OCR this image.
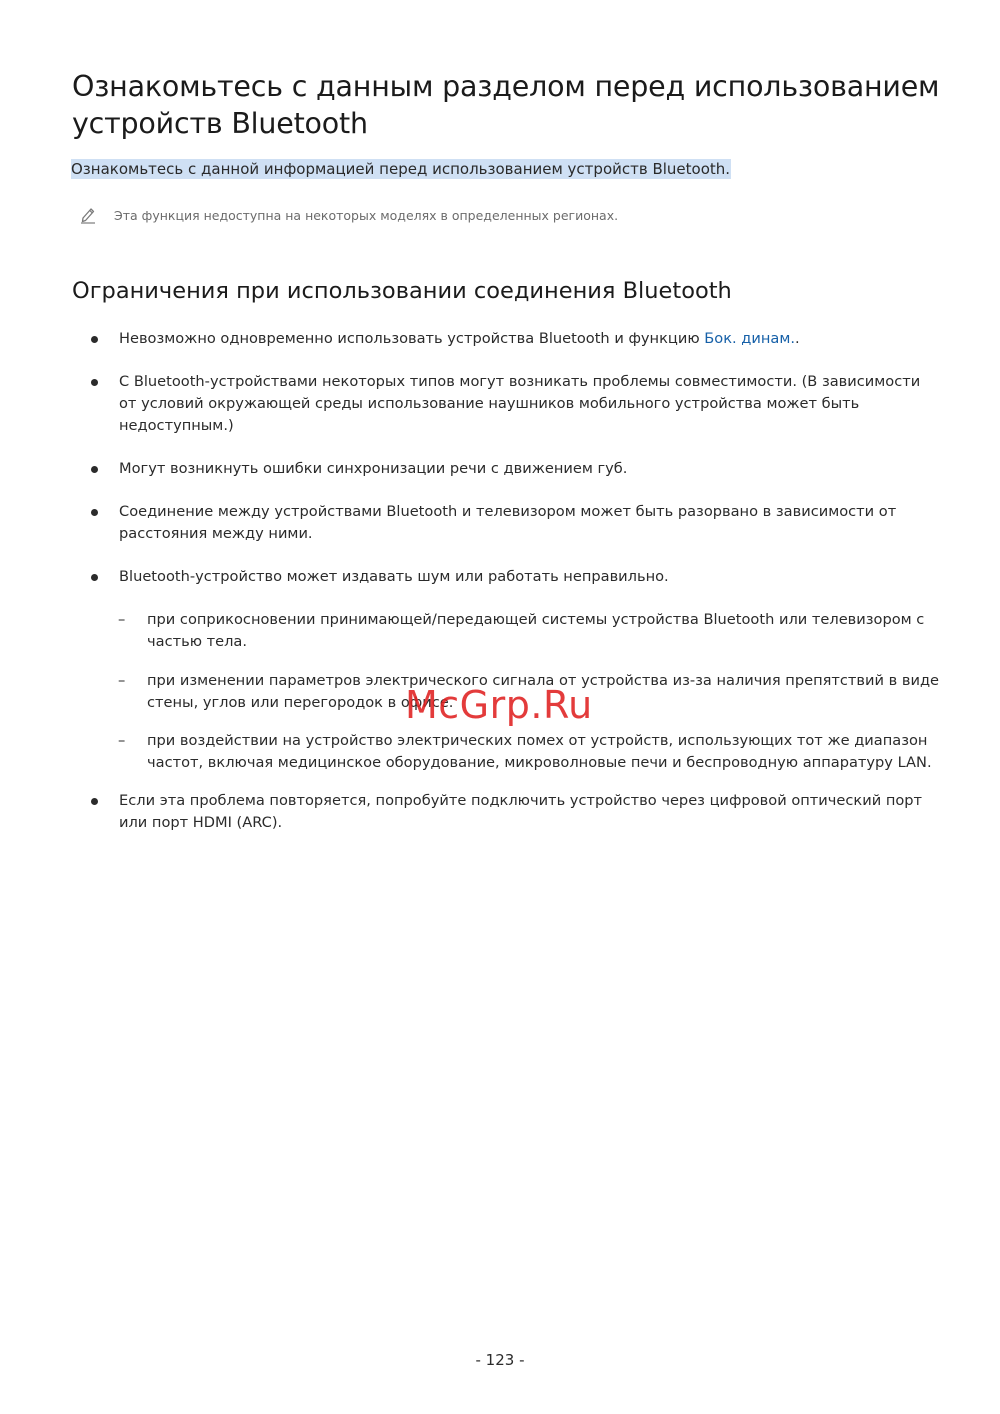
Ознакомьтесь с данным разделом перед использованием устройств Bluetooth
Ознакомьтесь с данной информацией перед использованием устройств Bluetooth.
Эта функция недоступна на некоторых моделях в определенных регионах.
Ограничения при использовании соединения Bluetooth
Невозможно одновременно использовать устройства Bluetooth и функцию Бок. динам..
С Bluetooth-устройствами некоторых типов могут возникать проблемы совместимости. (В зависимости от условий окружающей среды использование наушников мобильного устройства может быть недоступным.)
Могут возникнуть ошибки синхронизации речи с движением губ.
Соединение между устройствами Bluetooth и телевизором может быть разорвано в зависимости от расстояния между ними.
Bluetooth-устройство может издавать шум или работать неправильно.
– при соприкосновении принимающей/передающей системы устройства Bluetooth или телевизором с частью тела.
– при изменении параметров электрического сигнала от устройства из-за наличия препятствий в виде стены, углов или перегородок в офисе.
– при воздействии на устройство электрических помех от устройств, использующих тот же диапазон частот, включая медицинское оборудование, микроволновые печи и беспроводную аппаратуру LAN.
Если эта проблема повторяется, попробуйте подключить устройство через цифровой оптический порт или порт HDMI (ARC).
McGrp.Ru
- 123 -
